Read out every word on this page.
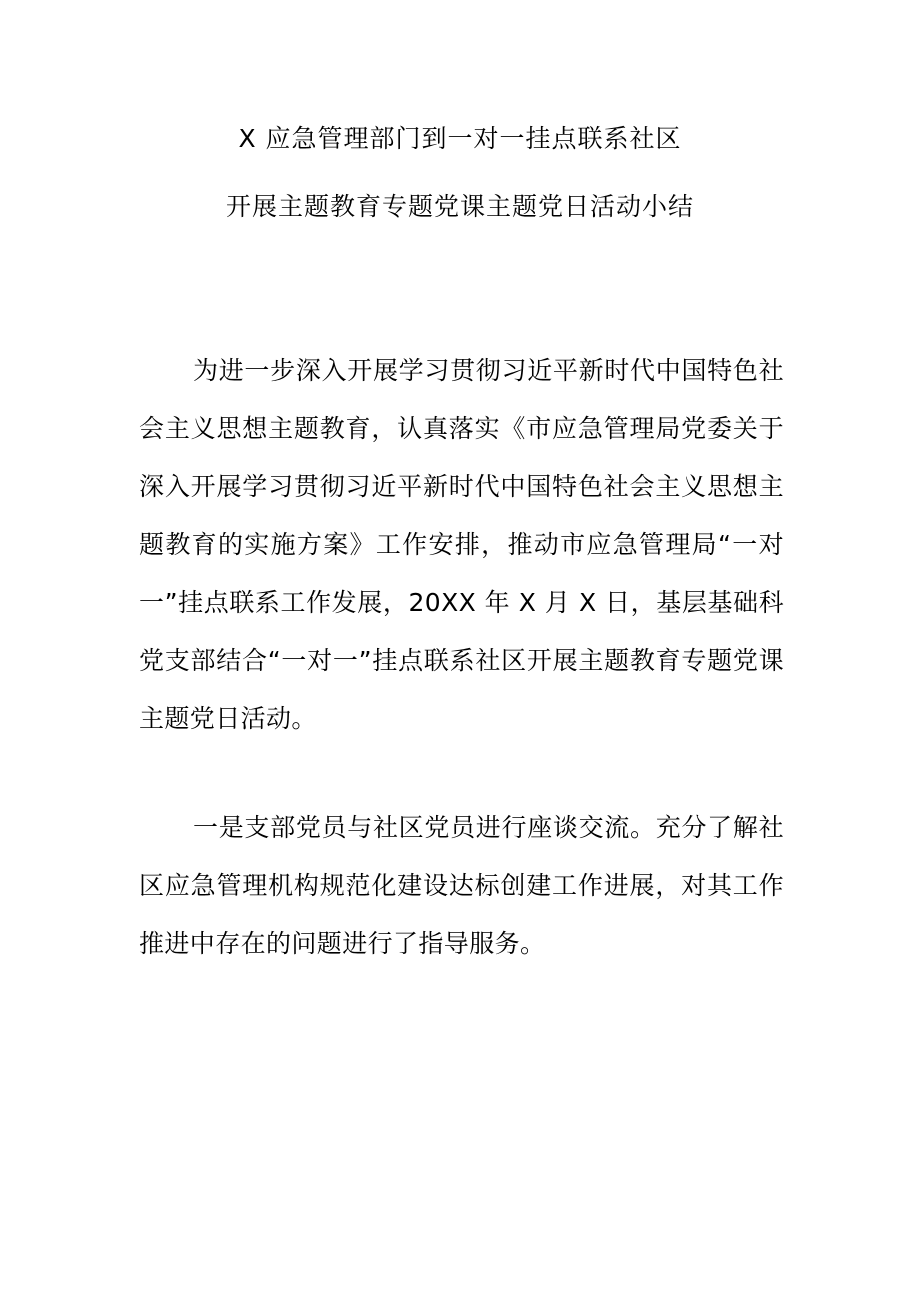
X 应急管理部门到一对一挂点联系社区
开展主题教育专题党课主题党日活动小结

为进一步深入开展学习贯彻习近平新时代中国特色社会主义思想主题教育，认真落实《市应急管理局党委关于深入开展学习贯彻习近平新时代中国特色社会主义思想主题教育的实施方案》工作安排，推动市应急管理局“一对一”挂点联系工作发展，20XX 年 X 月 X 日，基层基础科党支部结合“一对一”挂点联系社区开展主题教育专题党课主题党日活动。

一是支部党员与社区党员进行座谈交流。充分了解社区应急管理机构规范化建设达标创建工作进展，对其工作推进中存在的问题进行了指导服务。
